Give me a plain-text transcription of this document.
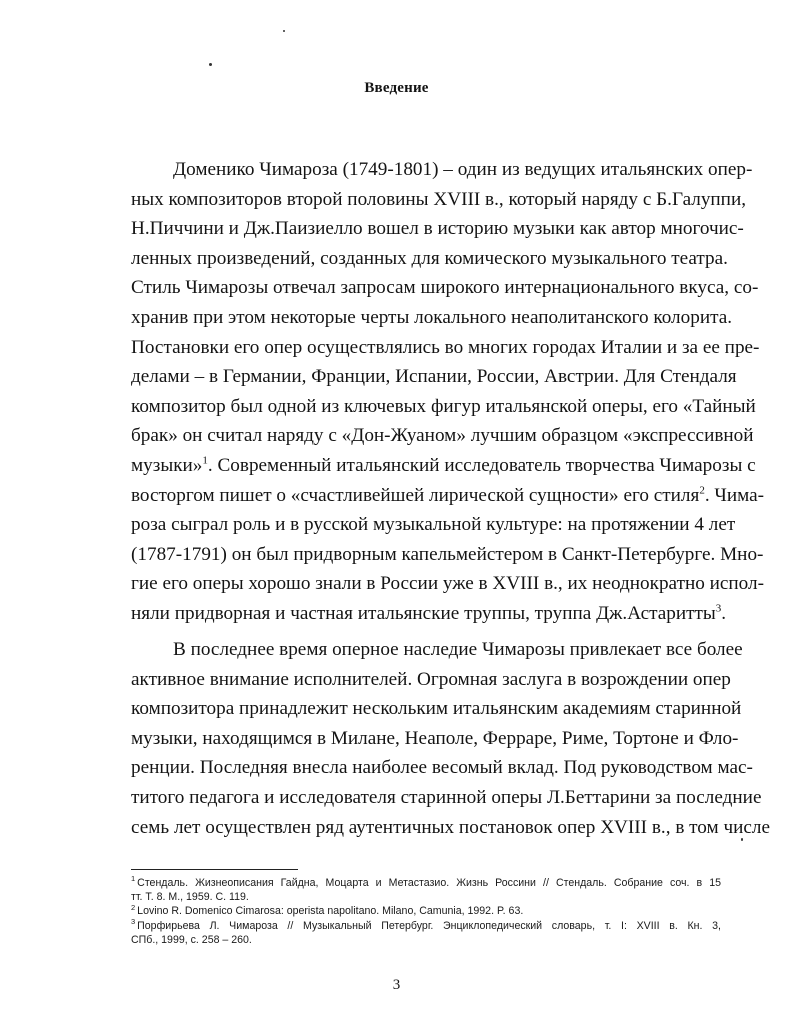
Введение
Доменико Чимароза (1749-1801) – один из ведущих итальянских опер-
ных композиторов второй половины XVIII в., который наряду с Б.Галуппи,
Н.Пиччини и Дж.Паизиелло вошел в историю музыки как автор многочис-
ленных произведений, созданных для комического музыкального театра.
Стиль Чимарозы отвечал запросам широкого интернационального вкуса, со-
хранив при этом некоторые черты локального неаполитанского колорита.
Постановки его опер осуществлялись во многих городах Италии и за ее пре-
делами – в Германии, Франции, Испании, России, Австрии. Для Стендаля
композитор был одной из ключевых фигур итальянской оперы, его «Тайный
брак» он считал наряду с «Дон-Жуаном» лучшим образцом «экспрессивной
музыки»$^1$. Современный итальянский исследователь творчества Чимарозы с
восторгом пишет о «счастливейшей лирической сущности» его стиля$^2$. Чима-
роза сыграл роль и в русской музыкальной культуре: на протяжении 4 лет
(1787-1791) он был придворным капельмейстером в Санкт-Петербурге. Мно-
гие его оперы хорошо знали в России уже в XVIII в., их неоднократно испол-
няли придворная и частная итальянские труппы, труппа Дж.Астаритты$^3$.
В последнее время оперное наследие Чимарозы привлекает все более
активное внимание исполнителей. Огромная заслуга в возрождении опер
композитора принадлежит нескольким итальянским академиям старинной
музыки, находящимся в Милане, Неаполе, Ферраре, Риме, Тортоне и Фло-
ренции. Последняя внесла наиболее весомый вклад. Под руководством мас-
титого педагога и исследователя старинной оперы Л.Беттарини за последние
семь лет осуществлен ряд аутентичных постановок опер XVIII в., в том числе
$^1$ Стендаль. Жизнеописания Гайдна, Моцарта и Метастазио. Жизнь Россини // Стендаль. Собрание соч. в 15
тт. Т. 8. М., 1959. С. 119.
$^2$ Lovino R. Domenico Cimarosa: operista napolitano. Milano, Camunia, 1992. P. 63.
$^3$ Порфирьева Л. Чимароза // Музыкальный Петербург. Энциклопедический словарь, т. I: XVIII в. Кн. 3,
СПб., 1999, с. 258 – 260.
3
